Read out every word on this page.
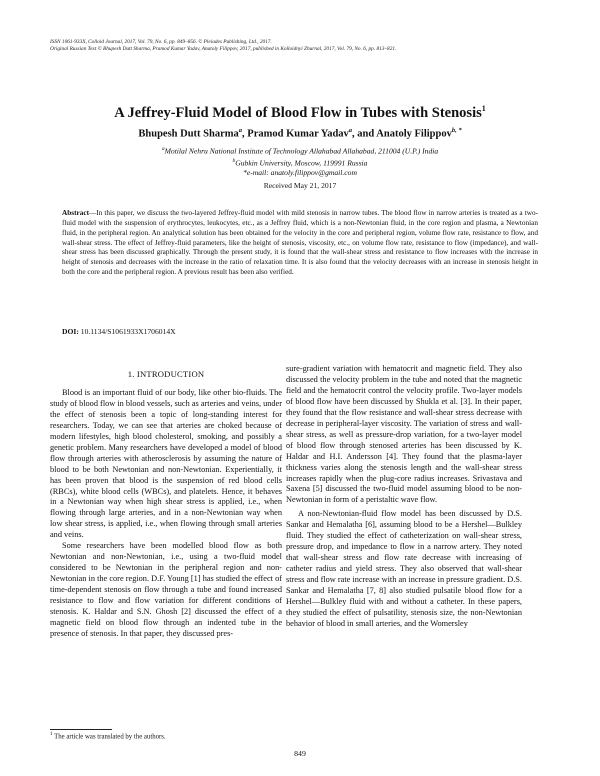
ISSN 1061-933X, Colloid Journal, 2017, Vol. 79, No. 6, pp. 849–856. © Pleiades Publishing, Ltd., 2017.
Original Russian Text © Bhupesh Dutt Sharma, Pramod Kumar Yadav, Anatoly Filippov, 2017, published in Kolloidnyi Zhurnal, 2017, Vol. 79, No. 6, pp. 813–821.
A Jeffrey-Fluid Model of Blood Flow in Tubes with Stenosis$^1$
Bhupesh Dutt Sharma$^a$, Pramod Kumar Yadav$^a$, and Anatoly Filippov$^{b, *}$
$^a$Motilal Nehru National Institute of Technology Allahabad Allahabad, 211004 (U.P.) India
$^b$Gubkin University, Moscow, 119991 Russia
*e-mail: anatoly.filippov@gmail.com
Received May 21, 2017
Abstract—In this paper, we discuss the two-layered Jeffrey-fluid model with mild stenosis in narrow tubes. The blood flow in narrow arteries is treated as a two-fluid model with the suspension of erythrocytes, leukocytes, etc., as a Jeffrey fluid, which is a non-Newtonian fluid, in the core region and plasma, a Newtonian fluid, in the peripheral region. An analytical solution has been obtained for the velocity in the core and peripheral region, volume flow rate, resistance to flow, and wall-shear stress. The effect of Jeffrey-fluid parameters, like the height of stenosis, viscosity, etc., on volume flow rate, resistance to flow (impedance), and wall-shear stress has been discussed graphically. Through the present study, it is found that the wall-shear stress and resistance to flow increases with the increase in height of stenosis and decreases with the increase in the ratio of relaxation time. It is also found that the velocity decreases with an increase in stenosis height in both the core and the peripheral region. A previous result has been also verified.
DOI: 10.1134/S1061933X1706014X
1. INTRODUCTION

Blood is an important fluid of our body, like other bio-fluids. The study of blood flow in blood vessels, such as arteries and veins, under the effect of stenosis been a topic of long-standing interest for researchers. Today, we can see that arteries are choked because of modern lifestyles, high blood cholesterol, smoking, and possibly a genetic problem. Many researchers have developed a model of blood flow through arteries with atherosclerosis by assuming the nature of blood to be both Newtonian and non-Newtonian. Experientially, it has been proven that blood is the suspension of red blood cells (RBCs), white blood cells (WBCs), and platelets. Hence, it behaves in a Newtonian way when high shear stress is applied, i.e., when flowing through large arteries, and in a non-Newtonian way when low shear stress, is applied, i.e., when flowing through small arteries and veins.

Some researchers have been modelled blood flow as both Newtonian and non-Newtonian, i.e., using a two-fluid model considered to be Newtonian in the peripheral region and non-Newtonian in the core region. D.F. Young [1] has studied the effect of time-dependent stenosis on flow through a tube and found increased resistance to flow and flow variation for different conditions of stenosis. K. Haldar and S.N. Ghosh [2] discussed the effect of a magnetic field on blood flow through an indented tube in the presence of stenosis. In that paper, they discussed pres-

sure-gradient variation with hematocrit and magnetic field. They also discussed the velocity problem in the tube and noted that the magnetic field and the hematocrit control the velocity profile. Two-layer models of blood flow have been discussed by Shukla et al. [3]. In their paper, they found that the flow resistance and wall-shear stress decrease with decrease in peripheral-layer viscosity. The variation of stress and wall-shear stress, as well as pressure-drop variation, for a two-layer model of blood flow through stenosed arteries has been discussed by K. Haldar and H.I. Andersson [4]. They found that the plasma-layer thickness varies along the stenosis length and the wall-shear stress increases rapidly when the plug-core radius increases. Srivastava and Saxena [5] discussed the two-fluid model assuming blood to be non-Newtonian in form of a peristaltic wave flow.

A non-Newtonian-fluid flow model has been discussed by D.S. Sankar and Hemalatha [6], assuming blood to be a Hershel—Bulkley fluid. They studied the effect of catheterization on wall-shear stress, pressure drop, and impedance to flow in a narrow artery. They noted that wall-shear stress and flow rate decrease with increasing of catheter radius and yield stress. They also observed that wall-shear stress and flow rate increase with an increase in pressure gradient. D.S. Sankar and Hemalatha [7, 8] also studied pulsatile blood flow for a Hershel—Bulkley fluid with and without a catheter. In these papers, they studied the effect of pulsatility, stenosis size, the non-Newtonian behavior of blood in small arteries, and the Womersley

$^1$ The article was translated by the authors.
849
